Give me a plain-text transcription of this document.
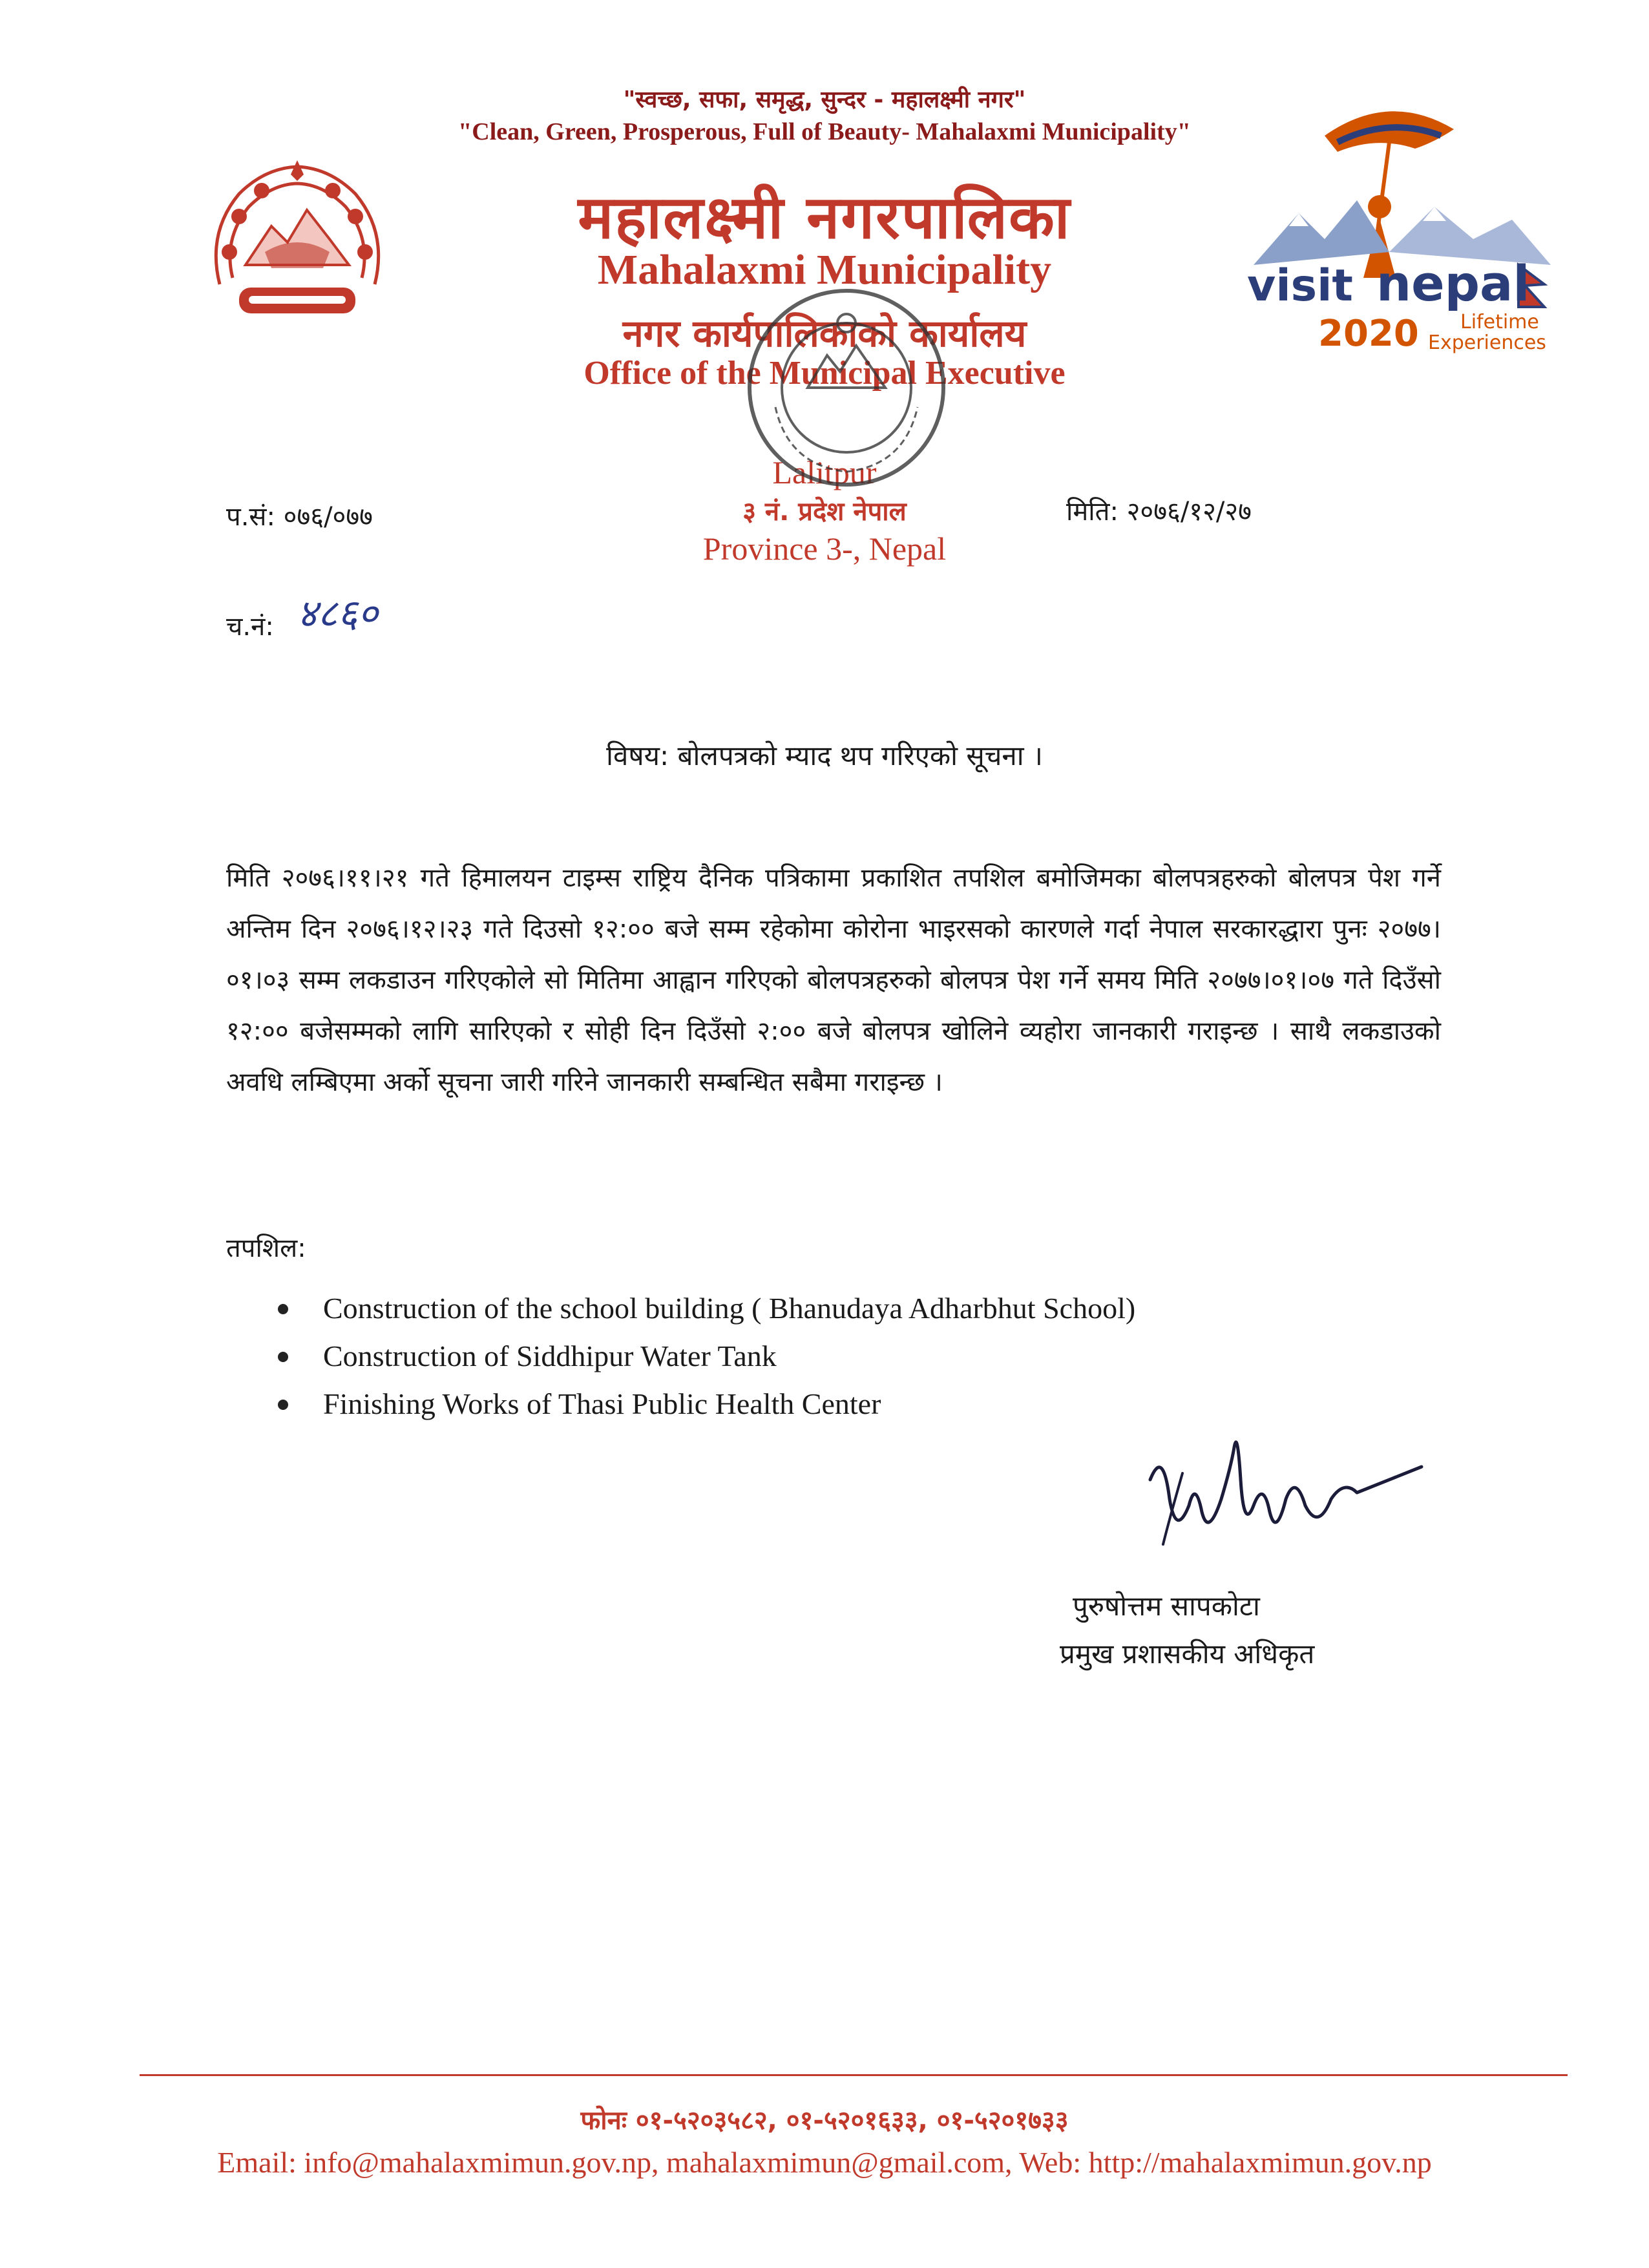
"स्वच्छ, सफा, समृद्ध, सुन्दर - महालक्ष्मी नगर"
"Clean, Green, Prosperous, Full of Beauty- Mahalaxmi Municipality"
महालक्ष्मी नगरपालिका
Mahalaxmi Municipality
नगर कार्यपालिकाको कार्यालय
Office of the Municipal Executive
Lalitpur
३ नं. प्रदेश नेपाल
Province 3-, Nepal
visit nepal
2020 Lifetime
Experiences
प.सं: ०७६/०७७	मिति: २०७६/१२/२७
च.नं: ४८६०
विषय: बोलपत्रको म्याद थप गरिएको सूचना ।
मिति २०७६।११।२१ गते हिमालयन टाइम्स राष्ट्रिय दैनिक पत्रिकामा प्रकाशित तपशिल बमोजिमका बोलपत्रहरुको बोलपत्र पेश गर्ने अन्तिम दिन २०७६।१२।२३ गते दिउसो १२:०० बजे सम्म रहेकोमा कोरोना भाइरसको कारणले गर्दा नेपाल सरकारद्धारा पुनः २०७७।०१।०३ सम्म लकडाउन गरिएकोले सो मितिमा आह्वान गरिएको बोलपत्रहरुको बोलपत्र पेश गर्ने समय मिति २०७७।०१।०७ गते दिउँसो १२:०० बजेसम्मको लागि सारिएको र सोही दिन दिउँसो २:०० बजे बोलपत्र खोलिने व्यहोरा जानकारी गराइन्छ । साथै लकडाउको अवधि लम्बिएमा अर्को सूचना जारी गरिने जानकारी सम्बन्धित सबैमा गराइन्छ ।
तपशिल:
Construction of the school building ( Bhanudaya Adharbhut School)
Construction of Siddhipur Water Tank
Finishing Works of Thasi Public Health Center
पुरुषोत्तम सापकोटा
प्रमुख प्रशासकीय अधिकृत
फोनः ०१-५२०३५८२, ०१-५२०१६३३, ०१-५२०१७३३
Email: info@mahalaxmimun.gov.np, mahalaxmimun@gmail.com, Web: http://mahalaxmimun.gov.np
